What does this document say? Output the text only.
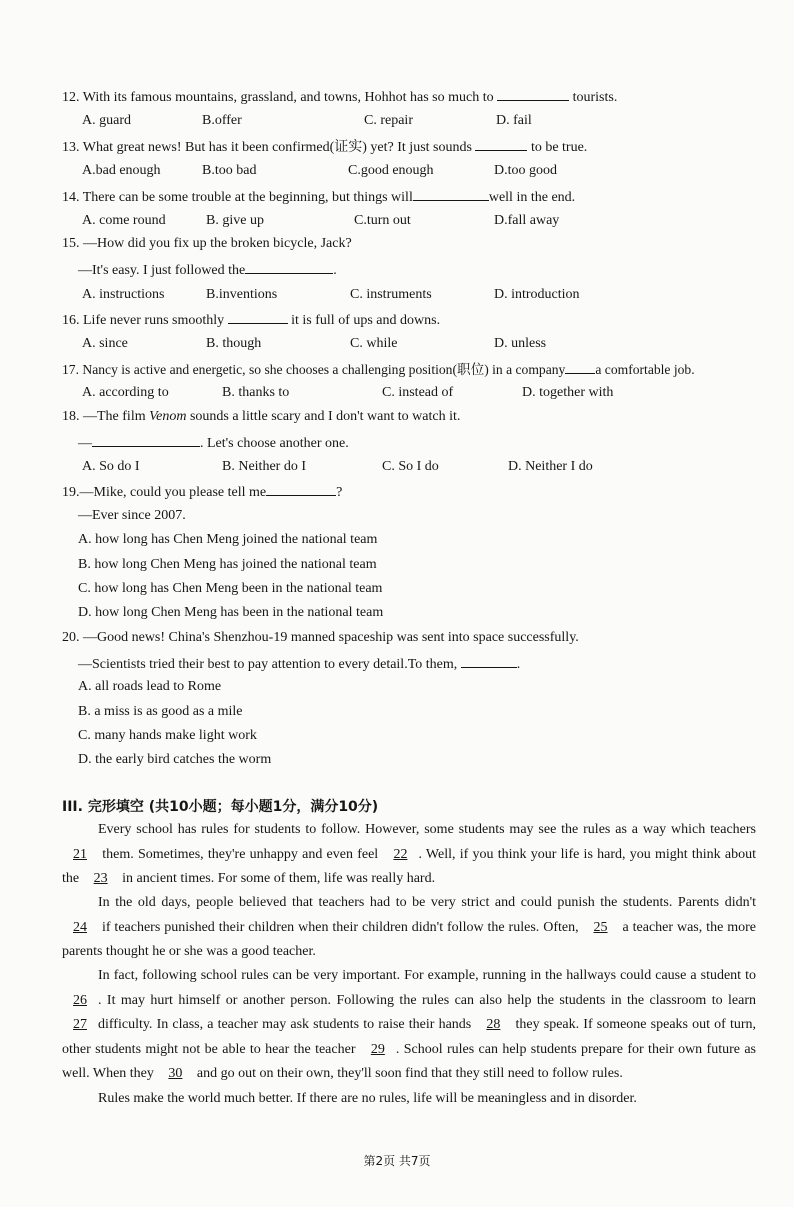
12. With its famous mountains, grassland, and towns, Hohhot has so much to	tourists.
A. guard	B.offer	C. repair	D. fail
13. What great news! But has it been confirmed(证实) yet? It just sounds	to be true.
A.bad enough	B.too bad	C.good enough	D.too good
14. There can be some trouble at the beginning, but things will	well in the end.
A. come round	B. give up	C.turn out	D.fall away
15. —How did you fix up the broken bicycle, Jack?
—It's easy. I just followed the	.
A. instructions	B.inventions	C. instruments	D. introduction
16. Life never runs smoothly	it is full of ups and downs.
A. since	B. though	C. while	D. unless
17. Nancy is active and energetic, so she chooses a challenging position(职位) in a company a comfortable job.
A. according to	B. thanks to	C. instead of	D. together with
18. —The film Venom sounds a little scary and I don't want to watch it.
—	. Let's choose another one.
A. So do I	B. Neither do I	C. So I do	D. Neither I do
19.—Mike, could you please tell me	?
—Ever since 2007.
A. how long has Chen Meng joined the national team
B. how long Chen Meng has joined the national team
C. how long has Chen Meng been in the national team
D. how long Chen Meng has been in the national team
20. —Good news! China's Shenzhou-19 manned spaceship was sent into space successfully.
—Scientists tried their best to pay attention to every detail.To them,	.
A. all roads lead to Rome
B. a miss is as good as a mile
C. many hands make light work
D. the early bird catches the worm
III. 完形填空 (共10小题；每小题1分，满分10分)
Every school has rules for students to follow. However, some students may see the rules as a way which teachers 21 them. Sometimes, they're unhappy and even feel 22 . Well, if you think your life is hard, you might think about the 23 in ancient times. For some of them, life was really hard.
In the old days, people believed that teachers had to be very strict and could punish the students. Parents didn't 24 if teachers punished their children when their children didn't follow the rules. Often, 25 a teacher was, the more parents thought he or she was a good teacher.
In fact, following school rules can be very important. For example, running in the hallways could cause a student to 26 . It may hurt himself or another person. Following the rules can also help the students in the classroom to learn 27 difficulty. In class, a teacher may ask students to raise their hands 28 they speak. If someone speaks out of turn, other students might not be able to hear the teacher 29 . School rules can help students prepare for their own future as well. When they 30 and go out on their own, they'll soon find that they still need to follow rules.
Rules make the world much better. If there are no rules, life will be meaningless and in disorder.
第2页 共7页
